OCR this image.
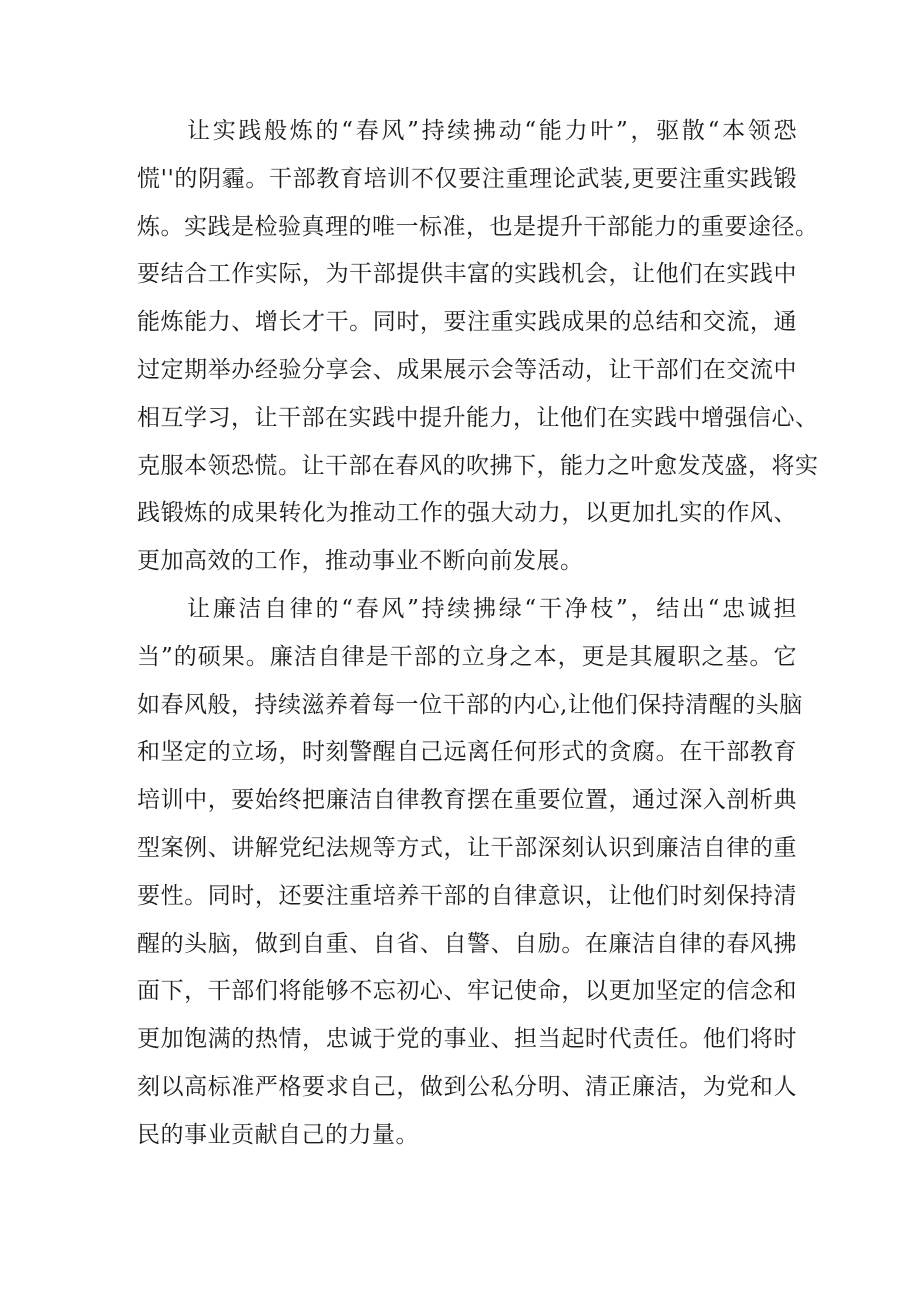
让实践般炼的“春风”持续拂动“能力叶”，驱散“本领恐
慌''的阴霾。干部教育培训不仅要注重理论武装,更要注重实践锻
炼。实践是检验真理的唯一标准，也是提升干部能力的重要途径。
要结合工作实际，为干部提供丰富的实践机会，让他们在实践中
能炼能力、增长才干。同时，要注重实践成果的总结和交流，通
过定期举办经验分享会、成果展示会等活动，让干部们在交流中
相互学习，让干部在实践中提升能力，让他们在实践中增强信心、
克服本领恐慌。让干部在春风的吹拂下，能力之叶愈发茂盛，将实
践锻炼的成果转化为推动工作的强大动力，以更加扎实的作风、
更加高效的工作，推动事业不断向前发展。
让廉洁自律的“春风”持续拂绿“干净枝”，结出“忠诚担
当”的硕果。廉洁自律是干部的立身之本，更是其履职之基。它
如春风般，持续滋养着每一位干部的内心,让他们保持清醒的头脑
和坚定的立场，时刻警醒自己远离任何形式的贪腐。在干部教育
培训中，要始终把廉洁自律教育摆在重要位置，通过深入剖析典
型案例、讲解党纪法规等方式，让干部深刻认识到廉洁自律的重
要性。同时，还要注重培养干部的自律意识，让他们时刻保持清
醒的头脑，做到自重、自省、自警、自励。在廉洁自律的春风拂
面下，干部们将能够不忘初心、牢记使命，以更加坚定的信念和
更加饱满的热情，忠诚于党的事业、担当起时代责任。他们将时
刻以高标准严格要求自己，做到公私分明、清正廉洁，为党和人
民的事业贡献自己的力量。
